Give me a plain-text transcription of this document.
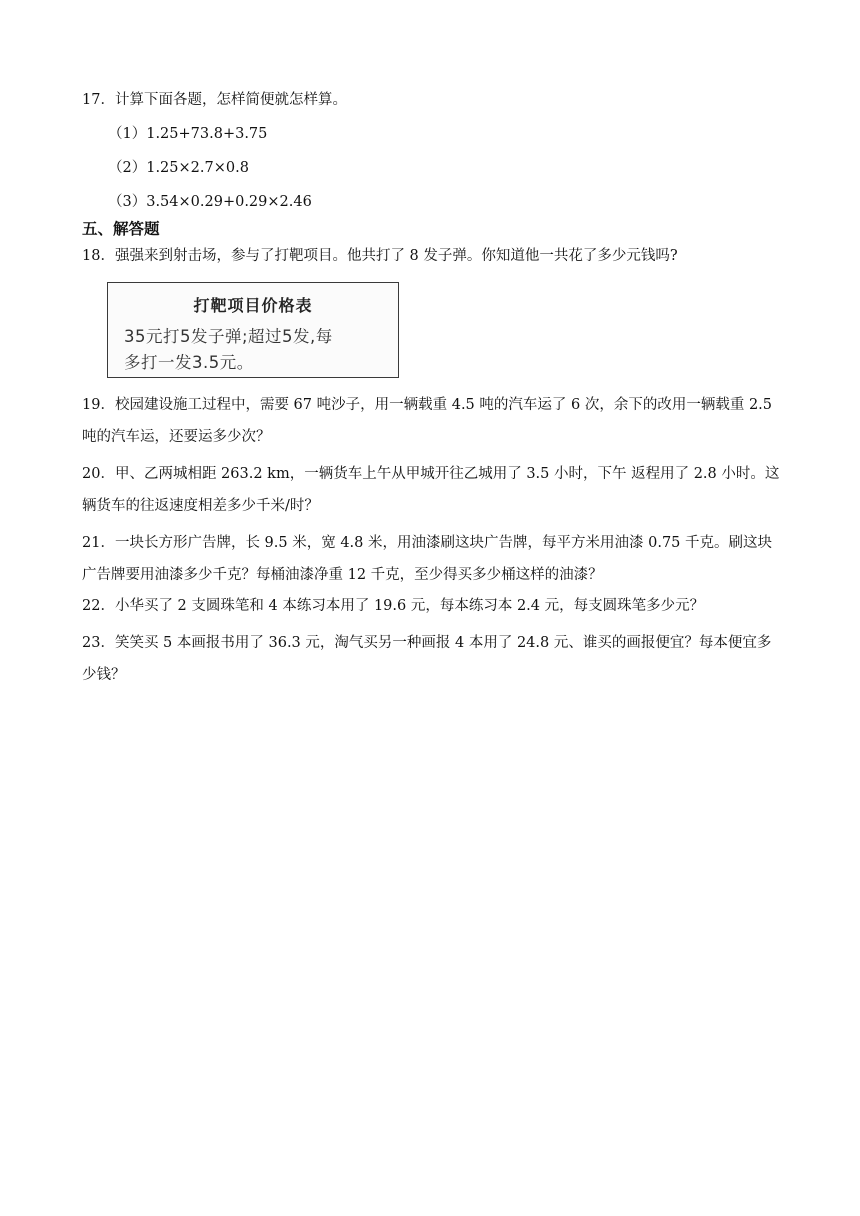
17．计算下面各题，怎样简便就怎样算。
（1）1.25+73.8+3.75
（2）1.25×2.7×0.8
（3）3.54×0.29+0.29×2.46
五、解答题
18．强强来到射击场，参与了打靶项目。他共打了 8 发子弹。你知道他一共花了多少元钱吗?
打靶项目价格表
35元打5发子弹;超过5发,每
多打一发3.5元。
19．校园建设施工过程中，需要 67 吨沙子，用一辆载重 4.5 吨的汽车运了 6 次，余下的改用一辆载重 2.5
吨的汽车运，还要运多少次？
20．甲、乙两城相距 263.2 km，一辆货车上午从甲城开往乙城用了 3.5 小时，下午 返程用了 2.8 小时。这
辆货车的往返速度相差多少千米/时？
21．一块长方形广告牌，长 9.5 米，宽 4.8 米，用油漆刷这块广告牌，每平方米用油漆 0.75 千克。刷这块
广告牌要用油漆多少千克？每桶油漆净重 12 千克，至少得买多少桶这样的油漆？
22．小华买了 2 支圆珠笔和 4 本练习本用了 19.6 元，每本练习本 2.4 元，每支圆珠笔多少元？
23．笑笑买 5 本画报书用了 36.3 元，淘气买另一种画报 4 本用了 24.8 元、谁买的画报便宜？每本便宜多
少钱？
